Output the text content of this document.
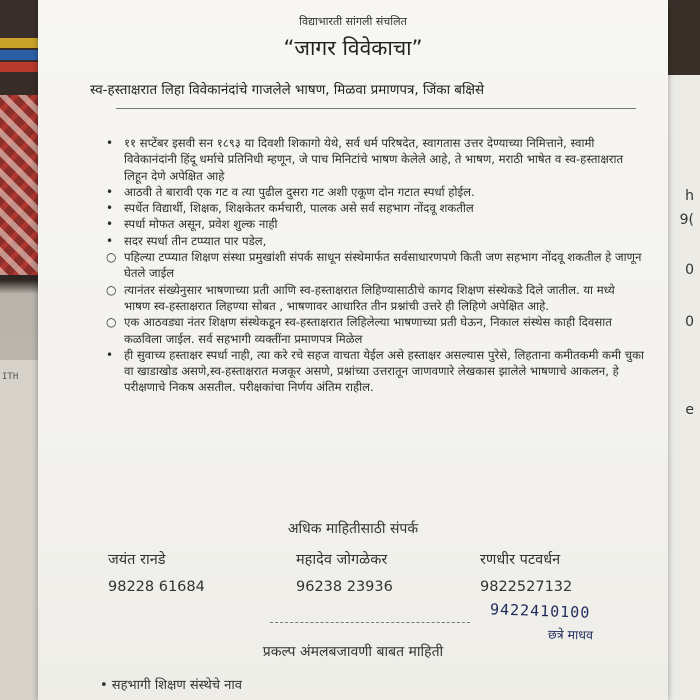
ITH
h
9(
0
0
e
विद्याभारती सांगली संचलित
“जागर विवेकाचा”
स्व-हस्ताक्षरात लिहा विवेकानंदांचे गाजलेले भाषण, मिळवा प्रमाणपत्र, जिंका बक्षिसे
• ११ सप्टेंबर इसवी सन १८९३ या दिवशी शिकागो येथे, सर्व धर्म परिषदेत, स्वागतास उत्तर देण्याच्या निमित्ताने, स्वामी विवेकानंदांनी हिंदू धर्माचे प्रतिनिधी म्हणून, जे पाच मिनिटांचे भाषण केलेले आहे, ते भाषण, मराठी भाषेत व स्व-हस्ताक्षरात लिहून देणे अपेक्षित आहे
• आठवी ते बारावी एक गट व त्या पुढील दुसरा गट अशी एकूण दोन गटात स्पर्धा होईल.
• स्पर्धेत विद्यार्थी, शिक्षक, शिक्षकेतर कर्मचारी, पालक असे सर्व सहभाग नोंदवू शकतील
• स्पर्धा मोफत असून, प्रवेश शुल्क नाही
• सदर स्पर्धा तीन टप्प्यात पार पडेल,
○ पहिल्या टप्प्यात शिक्षण संस्था प्रमुखांशी संपर्क साधून संस्थेमार्फत सर्वसाधारणपणे किती जण सहभाग नोंदवू शकतील हे जाणून घेतले जाईल
○ त्यानंतर संख्येनुसार भाषणाच्या प्रती आणि स्व-हस्ताक्षरात लिहिण्यासाठीचे कागद शिक्षण संस्थेकडे दिले जातील. या मध्ये भाषण स्व-हस्ताक्षरात लिहण्या सोबत , भाषणावर आधारित तीन प्रश्नांची उत्तरे ही लिहिणे अपेक्षित आहे.
○ एक आठवड्या नंतर शिक्षण संस्थेकडून स्व-हस्ताक्षरात लिहिलेल्या भाषणाच्या प्रती घेऊन, निकाल संस्थेस काही दिवसात कळविला जाईल. सर्व सहभागी व्यक्तींना प्रमाणपत्र मिळेल
• ही सुवाच्य हस्ताक्षर स्पर्धा नाही, त्या करे रचे सहज वाचता येईल असे हस्ताक्षर असल्यास पुरेसे, लिहताना कमीतकमी कमी चुका वा खाडाखोड असणे,स्व-हस्ताक्षरात मजकूर असणे, प्रश्नांच्या उत्तरातून जाणवणारे लेखकास झालेले भाषणाचे आकलन, हे परीक्षणाचे निकष असतील. परीक्षकांचा निर्णय अंतिम राहील.
अधिक माहितीसाठी संपर्क
जयंत रानडे
98228 61684
महादेव जोगळेकर
96238 23936
रणधीर पटवर्धन
9822527132
9422410100
छत्रे माधव
प्रकल्प अंमलबजावणी बाबत माहिती
• सहभागी शिक्षण संस्थेचे नाव
